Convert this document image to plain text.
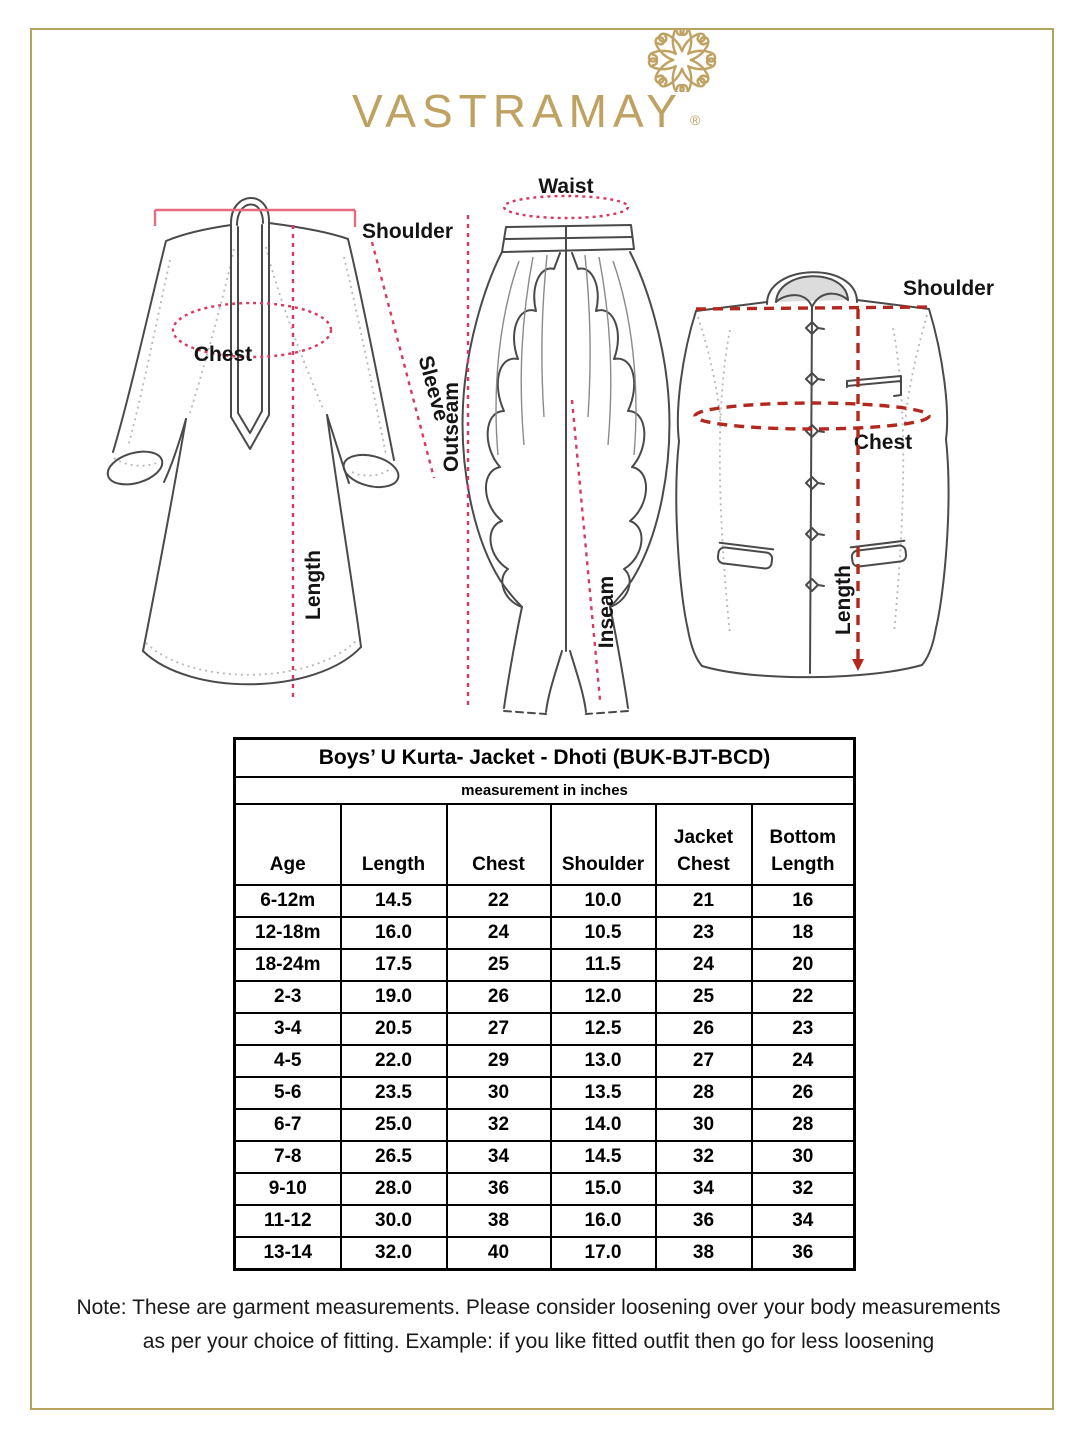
VASTRAMAY ®
Shoulder
Chest	Sleeve
Length
Waist
Outseam
Inseam
Shoulder
Chest
Length
Boys’ U Kurta- Jacket - Dhoti (BUK-BJT-BCD)					
measurement in inches					
Age	Length	Chest	Shoulder	Jacket Chest	Bottom Length
6-12m	14.5	22	10.0	21	16
12-18m	16.0	24	10.5	23	18
18-24m	17.5	25	11.5	24	20
2-3	19.0	26	12.0	25	22
3-4	20.5	27	12.5	26	23
4-5	22.0	29	13.0	27	24
5-6	23.5	30	13.5	28	26
6-7	25.0	32	14.0	30	28
7-8	26.5	34	14.5	32	30
9-10	28.0	36	15.0	34	32
11-12	30.0	38	16.0	36	34
13-14	32.0	40	17.0	38	36
Note: These are garment measurements. Please consider loosening over your body measurements
as per your choice of fitting. Example: if you like fitted outfit then go for less loosening
